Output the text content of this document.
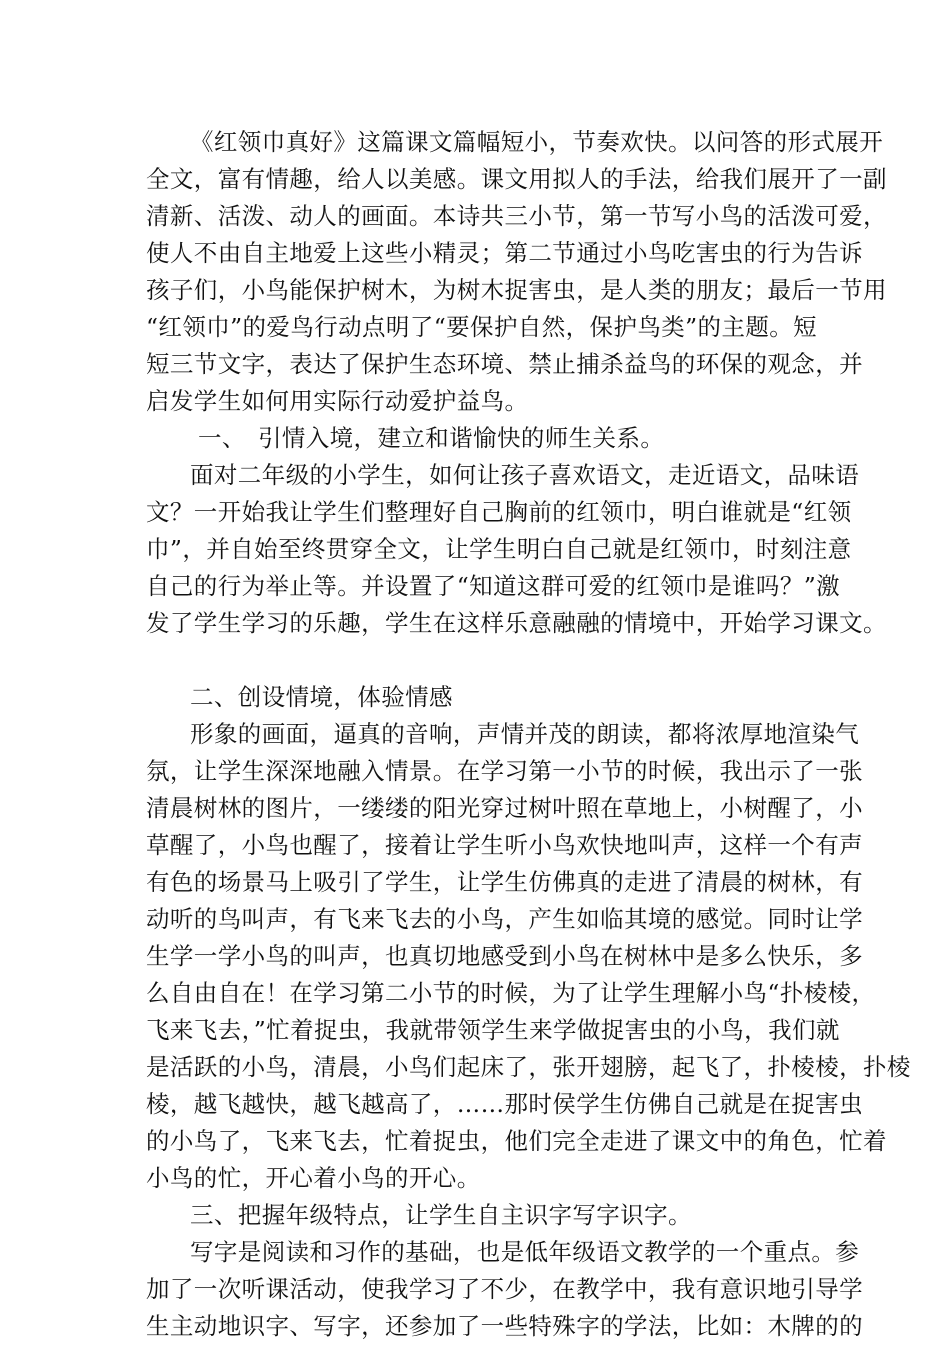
《红领巾真好》这篇课文篇幅短小，节奏欢快。以问答的形式展开
全文，富有情趣，给人以美感。课文用拟人的手法，给我们展开了一副
清新、活泼、动人的画面。本诗共三小节，第一节写小鸟的活泼可爱，
使人不由自主地爱上这些小精灵；第二节通过小鸟吃害虫的行为告诉
孩子们，小鸟能保护树木，为树木捉害虫，是人类的朋友；最后一节用
“红领巾”的爱鸟行动点明了“要保护自然，保护鸟类”的主题。短
短三节文字，表达了保护生态环境、禁止捕杀益鸟的环保的观念，并
启发学生如何用实际行动爱护益鸟。
一、　引情入境，建立和谐愉快的师生关系。
面对二年级的小学生，如何让孩子喜欢语文，走近语文，品味语
文？一开始我让学生们整理好自己胸前的红领巾，明白谁就是“红领
巾”，并自始至终贯穿全文，让学生明白自己就是红领巾，时刻注意
自己的行为举止等。并设置了“知道这群可爱的红领巾是谁吗？”激
发了学生学习的乐趣，学生在这样乐意融融的情境中，开始学习课文。
二、创设情境，体验情感
形象的画面，逼真的音响，声情并茂的朗读，都将浓厚地渲染气
氛，让学生深深地融入情景。在学习第一小节的时候，我出示了一张
清晨树林的图片，一缕缕的阳光穿过树叶照在草地上，小树醒了，小
草醒了，小鸟也醒了，接着让学生听小鸟欢快地叫声，这样一个有声
有色的场景马上吸引了学生，让学生仿佛真的走进了清晨的树林，有
动听的鸟叫声，有飞来飞去的小鸟，产生如临其境的感觉。同时让学
生学一学小鸟的叫声，也真切地感受到小鸟在树林中是多么快乐，多
么自由自在！在学习第二小节的时候，为了让学生理解小鸟“扑棱棱，
飞来飞去，”忙着捉虫，我就带领学生来学做捉害虫的小鸟，我们就
是活跃的小鸟，清晨，小鸟们起床了，张开翅膀，起飞了，扑棱棱，扑棱
棱，越飞越快，越飞越高了，……那时侯学生仿佛自己就是在捉害虫
的小鸟了，飞来飞去，忙着捉虫，他们完全走进了课文中的角色，忙着
小鸟的忙，开心着小鸟的开心。
三、把握年级特点，让学生自主识字写字识字。
写字是阅读和习作的基础，也是低年级语文教学的一个重点。参
加了一次听课活动，使我学习了不少，在教学中，我有意识地引导学
生主动地识字、写字，还参加了一些特殊字的学法，比如：木牌的的
